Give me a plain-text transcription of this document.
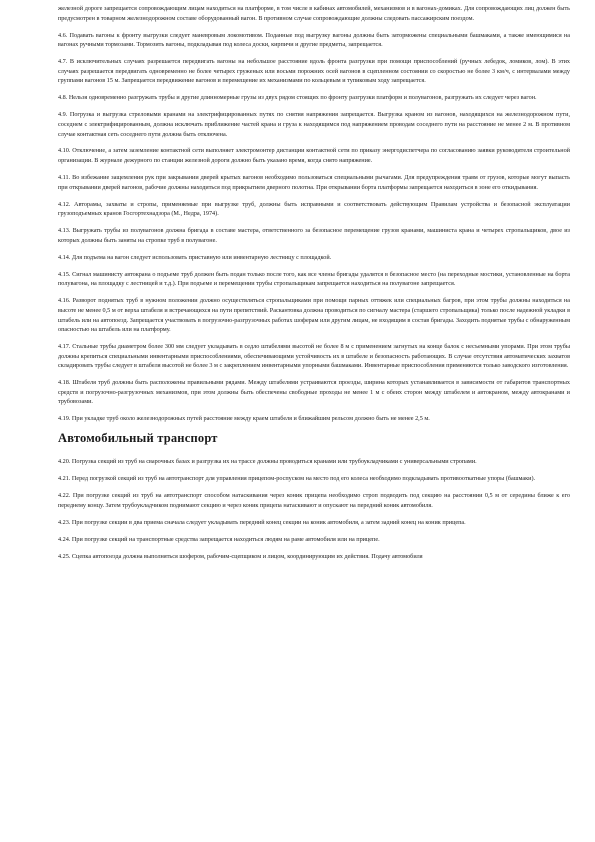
железной дороге запрещается сопровождающим лицам находиться на платформе, в том числе в кабинах автомобилей, механизмов и в вагонах-домиках. Для сопровождающих лиц должен быть предусмотрен в товарном железнодорожном составе оборудованный вагон. В противном случае сопровождающие должны следовать пассажирским поездом.

4.6. Подавать вагоны к фронту выгрузки следует маневровым локомотивом. Поданные под выгрузку вагоны должны быть заторможены специальными башмаками, а также имеющимися на вагонах ручными тормозами. Тормозить вагоны, подкладывая под колеса доски, кирпичи и другие предметы, запрещается.

4.7. В исключительных случаях разрешается передвигать вагоны на небольшое расстояние вдоль фронта разгрузки при помощи приспособлений (ручных лебедок, ломиков, лом). В этих случаях разрешается передвигать одновременно не более четырех груженых или восьми порожних осей вагонов в сцепленном состоянии со скоростью не более 3 км/ч, с интервалами между группами вагонов 15 м. Запрещается передвижение вагонов и перемещение их механизмами по кольцевым и тупиковым ходу запрещается.

4.8. Нельзя одновременно разгружать трубы и другие длинномерные грузы из двух рядом стоящих по фронту разгрузки платформ и полувагонов, разгружать их следует через вагон.

4.9. Погрузка и выгрузка стреловыми кранами на электрифицированных путях по снятия напряжения запрещается. Выгрузка краном из вагонов, находящихся на железнодорожном пути, соседнем с электрифицированным, должна исключать приближение частей крана и груза к находящимся под напряжением проводам соседнего пути на расстояние не менее 2 м. В противном случае контактная сеть соседнего пути должна быть отключена.

4.10. Отключение, а затем заземление контактной сети выполняет электромонтер дистанции контактной сети по приказу энергодиспетчера по согласованию заявки руководителя строительной организации. В журнале дежурного по станции железной дороги должно быть указано время, когда снято напряжение.

4.11. Во избежание защемления рук при закрывании дверей крытых вагонов необходимо пользоваться специальными рычагами. Для предупреждения травм от грузов, которые могут выпасть при открывании дверей вагонов, рабочие должны находиться под прикрытием дверного полотна. При открывании борта платформы запрещается находиться в зоне его откидывания.

4.12. Авторамы, захваты и стропы, применяемые при выгрузке труб, должны быть исправными и соответствовать действующим Правилам устройства и безопасной эксплуатации грузоподъемных кранов Госгортехнадзора (М., Недра, 1974).

4.13. Выгружать трубы из полувагонов должна бригада в составе мастера, ответственного за безопасное перемещение грузов кранами, машиниста крана и четырех стропальщиков, двое из которых должны быть заняты на стропке труб в полувагоне.

4.14. Для подъема на вагон следует использовать приставную или инвентарную лестницу с площадкой.

4.15. Сигнал машинисту автокрана о подъеме труб должен быть подан только после того, как все члены бригады удалятся в безопасное место (на переходные мостики, установленные на борта полувагона, на площадку с лестницей и т.д.). При подъеме и перемещении трубы стропальщикам запрещается находиться на полувагоне запрещается.

4.16. Разворот поднятых труб в нужном положении должно осуществляться стропальщиками при помощи парных оттяжек или специальных багров, при этом трубы должны находиться на высоте не менее 0,5 м от верха штабеля и встречающихся на пути препятствий. Раскантовка должна проводиться по сигналу мастера (старшего стропальщика) только после надежной укладки в штабель или на автопоезд. Запрещается участвовать в погрузочно-разгрузочных работах шоферам или другим лицам, не входящим в состав бригады. Заходить поднятые трубы с обнаруженным опасностью на штабель или на платформу.

4.17. Стальные трубы диаметром более 300 мм следует укладывать в седло штабелями высотой не более 8 м с применением загнутых на конце балок с несъемными упорами. При этом трубы должны крепиться специальными инвентарными приспособлениями, обеспечивающими устойчивость их в штабеле и безопасность работающих. В случае отсутствия автоматических захватов складировать трубы следует в штабеля высотой не более 3 м с закреплением инвентарными упорными башмаками. Инвентарные приспособления применяются только заводского изготовления.

4.18. Штабеля труб должны быть расположены правильными рядами. Между штабелями устраиваются проезды, ширина которых устанавливается в зависимости от габаритов транспортных средств и погрузочно-разгрузочных механизмов, при этом должны быть обеспечены свободные проходы не менее 1 м с обеих сторон между штабелем и автокраном, между автокранами и трубовозами.

4.19. При укладке труб около железнодорожных путей расстояние между краем штабеля и ближайшим рельсом должно быть не менее 2,5 м.

Автомобильный транспорт

4.20. Погрузка секций из труб на сварочных базах и разгрузка их на трассе должны проводиться кранами или трубоукладчиками с универсальными стропами.

4.21. Перед погрузкой секций из труб на автотранспорт для управления прицепом-роспуском на место под его колеса необходимо подкладывать противооткатные упоры (башмаки).

4.22. При погрузке секций из труб на автотранспорт способом натаскивания через коник прицепа необходимо строп подводить под секцию на расстоянии 0,5 м от середины ближе к его переднему концу. Затем трубоукладчиком поднимают секцию и через коник прицепа натаскивают и опускают на передний коник автомобиля.

4.23. При погрузке секции в два приема сначала следует укладывать передний конец секции на коник автомобиля, а затем задний конец на коник прицепа.

4.24. При погрузке секций на транспортные средства запрещается находиться людям на раме автомобиля или на прицепе.

4.25. Сцепка автопоезда должна выполняться шофером, рабочим-сцепщиком и лицом, координирующим их действия. Подачу автомобиля
